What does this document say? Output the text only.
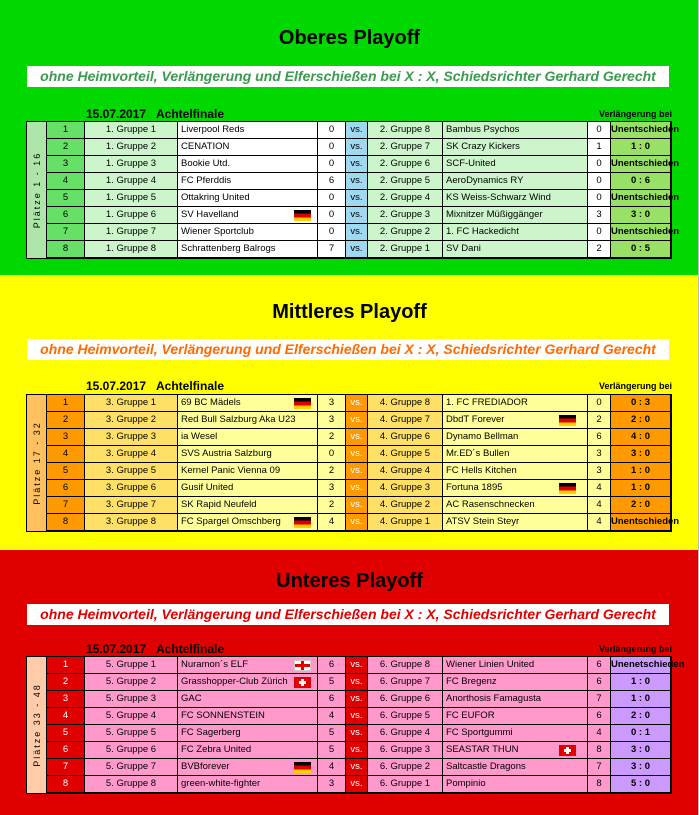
Oberes Playoff
ohne Heimvorteil, Verlängerung und Elferschießen bei X : X, Schiedsrichter Gerhard Gerecht
15.07.2017 Achtelfinale	Verlängerung bei
Plätze 1 - 16
1	1. Gruppe 1	Liverpool Reds	0	vs.	2. Gruppe 8	Bambus Psychos	0 Unentschieden
2	1. Gruppe 2	CENATION	0	vs.	2. Gruppe 7	SK Crazy Kickers	1	1 : 0
3	1. Gruppe 3	Bookie Utd.	0	vs.	2. Gruppe 6	SCF-United	0 Unentschieden
4	1. Gruppe 4	FC Pferddis	6	vs.	2. Gruppe 5	AeroDynamics RY	0	0 : 6
5	1. Gruppe 5	Ottakring United	0	vs.	2. Gruppe 4	KS Weiss-Schwarz Wind	0 Unentschieden
6	1. Gruppe 6	SV Havelland	0	vs.	2. Gruppe 3	Mixnitzer Müßiggänger	3	3 : 0
7	1. Gruppe 7	Wiener Sportclub	0	vs.	2. Gruppe 2	1. FC Hackedicht	0 Unentschieden
8	1. Gruppe 8	Schrattenberg Balrogs	7	vs.	2. Gruppe 1	SV Dani	2	0 : 5
Mittleres Playoff
ohne Heimvorteil, Verlängerung und Elferschießen bei X : X, Schiedsrichter Gerhard Gerecht
15.07.2017 Achtelfinale	Verlängerung bei
Plätze 17 - 32
1	3. Gruppe 1	69 BC Mädels	3	vs.	4. Gruppe 8	1. FC FREDIADOR	0	0 : 3
2	3. Gruppe 2	Red Bull Salzburg Aka U23	3	vs.	4. Gruppe 7	DbdT Forever	2	2 : 0
3	3. Gruppe 3	ia Wesel	2	vs.	4. Gruppe 6	Dynamo Bellman	6	4 : 0
4	3. Gruppe 4	SVS Austria Salzburg	0	vs.	4. Gruppe 5	Mr.ED´s Bullen	3	3 : 0
5	3. Gruppe 5	Kernel Panic Vienna 09	2	vs.	4. Gruppe 4	FC Hells Kitchen	3	1 : 0
6	3. Gruppe 6	Gusif United	3	vs.	4. Gruppe 3	Fortuna 1895	4	1 : 0
7	3. Gruppe 7	SK Rapid Neufeld	2	vs.	4. Gruppe 2	AC Rasenschnecken	4	2 : 0
8	3. Gruppe 8	FC Spargel Omschberg	4	vs.	4. Gruppe 1	ATSV Stein Steyr	4 Unentschieden
Unteres Playoff
ohne Heimvorteil, Verlängerung und Elferschießen bei X : X, Schiedsrichter Gerhard Gerecht
15.07.2017 Achtelfinale	Verlängerung bei
Plätze 33 - 48
1	5. Gruppe 1	Nuramon´s ELF	6	vs.	6. Gruppe 8	Wiener Linien United	6 Unenetschieden
2	5. Gruppe 2	Grasshopper-Club Zürich	5	vs.	6. Gruppe 7	FC Bregenz	6	1 : 0
3	5. Gruppe 3	GAC	6	vs.	6. Gruppe 6	Anorthosis Famagusta	7	1 : 0
4	5. Gruppe 4	FC SONNENSTEIN	4	vs.	6. Gruppe 5	FC EUFOR	6	2 : 0
5	5. Gruppe 5	FC Sagerberg	5	vs.	6. Gruppe 4	FC Sportgummi	4	0 : 1
6	5. Gruppe 6	FC Zebra United	5	vs.	6. Gruppe 3	SEASTAR THUN	8	3 : 0
7	5. Gruppe 7	BVBforever	4	vs.	6. Gruppe 2	Saltcastle Dragons	7	3 : 0
8	5. Gruppe 8	green-white-fighter	3	vs.	6. Gruppe 1	Pompinio	8	5 : 0
